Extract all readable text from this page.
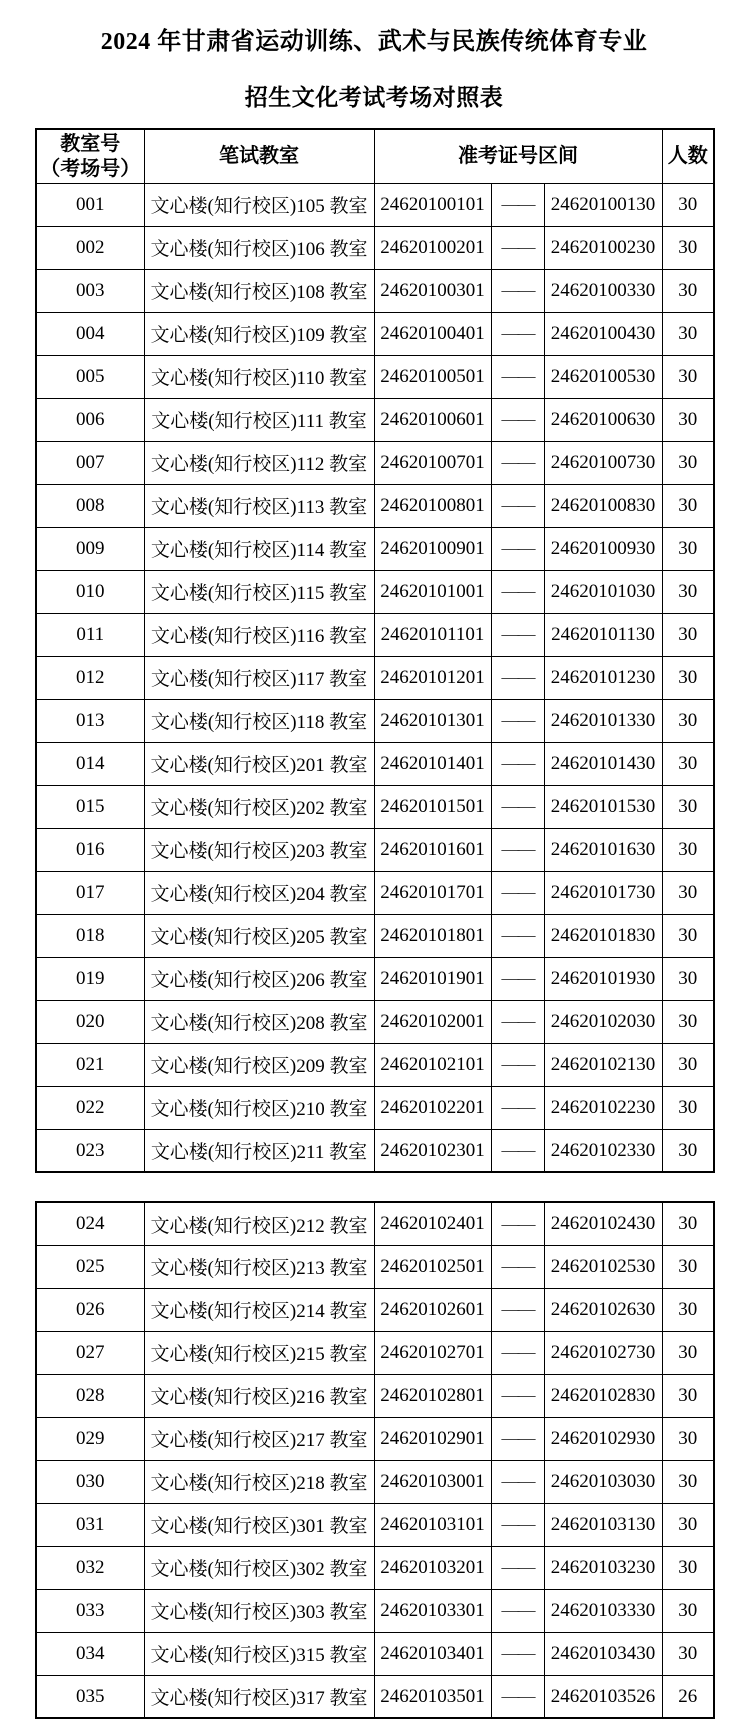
2024 年甘肃省运动训练、武术与民族传统体育专业
招生文化考试考场对照表
教室号
（考场号）	笔试教室	准考证号区间			人数
001	文心楼(知行校区)105 教室	24620100101	——	24620100130	30
002	文心楼(知行校区)106 教室	24620100201	——	24620100230	30
003	文心楼(知行校区)108 教室	24620100301	——	24620100330	30
004	文心楼(知行校区)109 教室	24620100401	——	24620100430	30
005	文心楼(知行校区)110 教室	24620100501	——	24620100530	30
006	文心楼(知行校区)111 教室	24620100601	——	24620100630	30
007	文心楼(知行校区)112 教室	24620100701	——	24620100730	30
008	文心楼(知行校区)113 教室	24620100801	——	24620100830	30
009	文心楼(知行校区)114 教室	24620100901	——	24620100930	30
010	文心楼(知行校区)115 教室	24620101001	——	24620101030	30
011	文心楼(知行校区)116 教室	24620101101	——	24620101130	30
012	文心楼(知行校区)117 教室	24620101201	——	24620101230	30
013	文心楼(知行校区)118 教室	24620101301	——	24620101330	30
014	文心楼(知行校区)201 教室	24620101401	——	24620101430	30
015	文心楼(知行校区)202 教室	24620101501	——	24620101530	30
016	文心楼(知行校区)203 教室	24620101601	——	24620101630	30
017	文心楼(知行校区)204 教室	24620101701	——	24620101730	30
018	文心楼(知行校区)205 教室	24620101801	——	24620101830	30
019	文心楼(知行校区)206 教室	24620101901	——	24620101930	30
020	文心楼(知行校区)208 教室	24620102001	——	24620102030	30
021	文心楼(知行校区)209 教室	24620102101	——	24620102130	30
022	文心楼(知行校区)210 教室	24620102201	——	24620102230	30
023	文心楼(知行校区)211 教室	24620102301	——	24620102330	30
024	文心楼(知行校区)212 教室	24620102401	——	24620102430	30
025	文心楼(知行校区)213 教室	24620102501	——	24620102530	30
026	文心楼(知行校区)214 教室	24620102601	——	24620102630	30
027	文心楼(知行校区)215 教室	24620102701	——	24620102730	30
028	文心楼(知行校区)216 教室	24620102801	——	24620102830	30
029	文心楼(知行校区)217 教室	24620102901	——	24620102930	30
030	文心楼(知行校区)218 教室	24620103001	——	24620103030	30
031	文心楼(知行校区)301 教室	24620103101	——	24620103130	30
032	文心楼(知行校区)302 教室	24620103201	——	24620103230	30
033	文心楼(知行校区)303 教室	24620103301	——	24620103330	30
034	文心楼(知行校区)315 教室	24620103401	——	24620103430	30
035	文心楼(知行校区)317 教室	24620103501	——	24620103526	26
